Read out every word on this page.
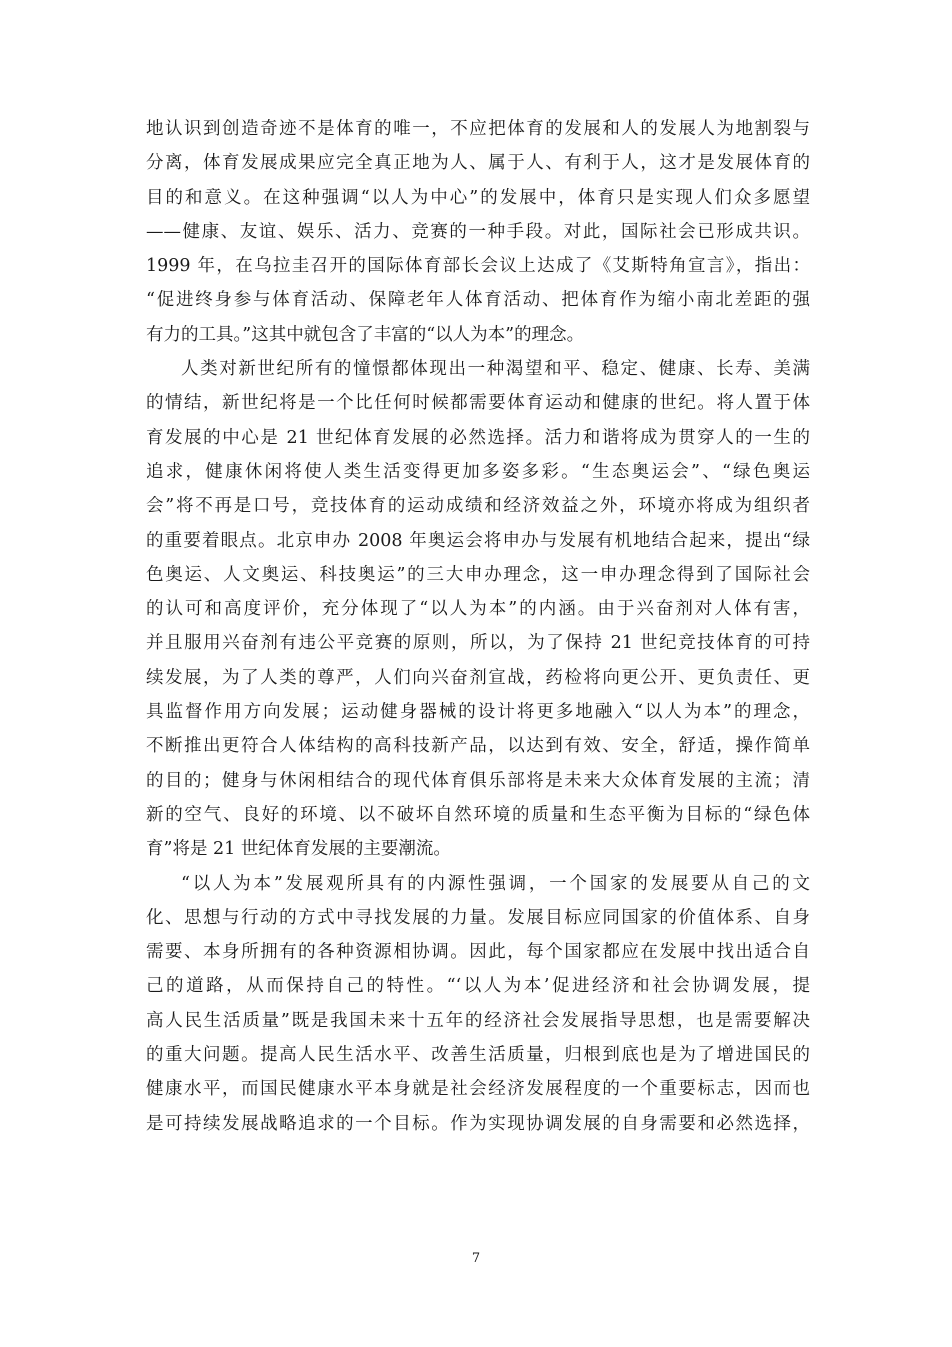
地认识到创造奇迹不是体育的唯一，不应把体育的发展和人的发展人为地割裂与
分离，体育发展成果应完全真正地为人、属于人、有利于人，这才是发展体育的
目的和意义。在这种强调“以人为中心”的发展中，体育只是实现人们众多愿望
——健康、友谊、娱乐、活力、竞赛的一种手段。对此，国际社会已形成共识。
1999 年，在乌拉圭召开的国际体育部长会议上达成了《艾斯特角宣言》，指出：
“促进终身参与体育活动、保障老年人体育活动、把体育作为缩小南北差距的强
有力的工具。”这其中就包含了丰富的“以人为本”的理念。
人类对新世纪所有的憧憬都体现出一种渴望和平、稳定、健康、长寿、美满
的情结，新世纪将是一个比任何时候都需要体育运动和健康的世纪。将人置于体
育发展的中心是 21 世纪体育发展的必然选择。活力和谐将成为贯穿人的一生的
追求，健康休闲将使人类生活变得更加多姿多彩。“生态奥运会”、“绿色奥运
会”将不再是口号，竞技体育的运动成绩和经济效益之外，环境亦将成为组织者
的重要着眼点。北京申办 2008 年奥运会将申办与发展有机地结合起来，提出“绿
色奥运、人文奥运、科技奥运”的三大申办理念，这一申办理念得到了国际社会
的认可和高度评价，充分体现了“以人为本”的内涵。由于兴奋剂对人体有害，
并且服用兴奋剂有违公平竞赛的原则，所以，为了保持 21 世纪竞技体育的可持
续发展，为了人类的尊严，人们向兴奋剂宣战，药检将向更公开、更负责任、更
具监督作用方向发展；运动健身器械的设计将更多地融入“以人为本”的理念，
不断推出更符合人体结构的高科技新产品，以达到有效、安全，舒适，操作简单
的目的；健身与休闲相结合的现代体育俱乐部将是未来大众体育发展的主流；清
新的空气、良好的环境、以不破坏自然环境的质量和生态平衡为目标的“绿色体
育”将是 21 世纪体育发展的主要潮流。
“以人为本”发展观所具有的内源性强调，一个国家的发展要从自己的文
化、思想与行动的方式中寻找发展的力量。发展目标应同国家的价值体系、自身
需要、本身所拥有的各种资源相协调。因此，每个国家都应在发展中找出适合自
己的道路，从而保持自己的特性。“‘以人为本’促进经济和社会协调发展，提
高人民生活质量”既是我国未来十五年的经济社会发展指导思想，也是需要解决
的重大问题。提高人民生活水平、改善生活质量，归根到底也是为了增进国民的
健康水平，而国民健康水平本身就是社会经济发展程度的一个重要标志，因而也
是可持续发展战略追求的一个目标。作为实现协调发展的自身需要和必然选择，
7
